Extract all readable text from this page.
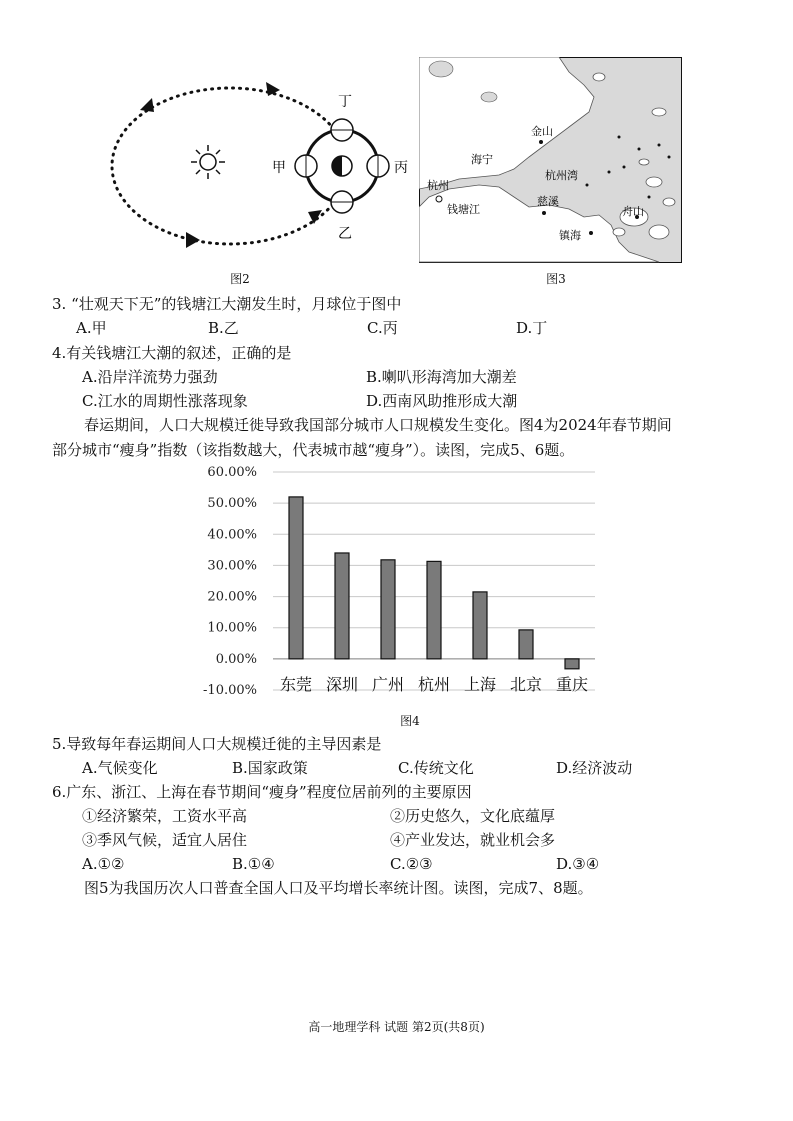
丁
甲	丙
乙
图2
金山
海宁
杭州湾
杭州
钱塘江
慈溪
舟山
镇海
图3
3. “壮观天下无”的钱塘江大潮发生时，月球位于图中
A.甲	B.乙	C.丙	D.丁
4.有关钱塘江大潮的叙述，正确的是
A.沿岸洋流势力强劲	B.喇叭形海湾加大潮差
C.江水的周期性涨落现象	D.西南风助推形成大潮
春运期间，人口大规模迁徙导致我国部分城市人口规模发生变化。图4为2024年春节期间
部分城市“瘦身”指数（该指数越大，代表城市越“瘦身”）。读图，完成5、6题。
60.00%
50.00%
40.00%
30.00%
20.00%
10.00%
0.00%
-10.00% 东莞 深圳 广州 杭州 上海 北京 重庆
图4
5.导致每年春运期间人口大规模迁徙的主导因素是
A.气候变化	B.国家政策	C.传统文化	D.经济波动
6.广东、浙江、上海在春节期间“瘦身”程度位居前列的主要原因
①经济繁荣，工资水平高	②历史悠久，文化底蕴厚
③季风气候，适宜人居住	④产业发达，就业机会多
A.①②	B.①④	C.②③	D.③④
图5为我国历次人口普查全国人口及平均增长率统计图。读图，完成7、8题。
高一地理学科 试题 第2页(共8页)
